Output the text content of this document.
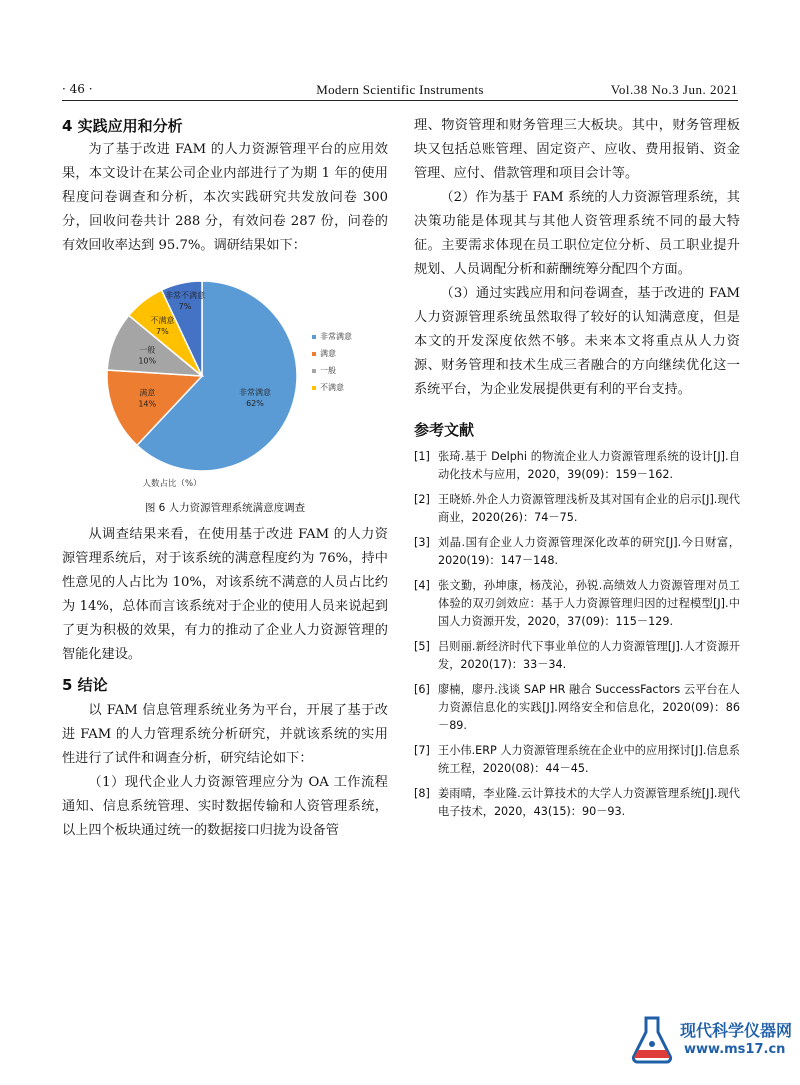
· 46 ·	Modern Scientific Instruments	Vol.38 No.3 Jun. 2021
4 实践应用和分析

为了基于改进 FAM 的人力资源管理平台的应用效果，本文设计在某公司企业内部进行了为期 1 年的使用程度问卷调查和分析，本次实践研究共发放问卷 300 分，回收问卷共计 288 分，有效问卷 287 份，问卷的有效回收率达到 95.7%。调研结果如下：

非常满意
62%
满意
14%
一般
10%
不满意
7%
非常不满意
7%
非常满意
满意
一般
不满意
人数占比（%）
图 6 人力资源管理系统满意度调查

从调查结果来看，在使用基于改进 FAM 的人力资源管理系统后，对于该系统的满意程度约为 76%，持中性意见的人占比为 10%，对该系统不满意的人员占比约为 14%，总体而言该系统对于企业的使用人员来说起到了更为积极的效果，有力的推动了企业人力资源管理的智能化建设。

5 结论

以 FAM 信息管理系统业务为平台，开展了基于改进 FAM 的人力管理系统分析研究，并就该系统的实用性进行了试件和调查分析，研究结论如下：

（1）现代企业人力资源管理应分为 OA 工作流程通知、信息系统管理、实时数据传输和人资管理系统，以上四个板块通过统一的数据接口归拢为设备管

理、物资管理和财务管理三大板块。其中，财务管理板块又包括总账管理、固定资产、应收、费用报销、资金管理、应付、借款管理和项目会计等。

（2）作为基于 FAM 系统的人力资源管理系统，其决策功能是体现其与其他人资管理系统不同的最大特征。主要需求体现在员工职位定位分析、员工职业提升规划、人员调配分析和薪酬统筹分配四个方面。

（3）通过实践应用和问卷调查，基于改进的 FAM 人力资源管理系统虽然取得了较好的认知满意度，但是本文的开发深度依然不够。未来本文将重点从人力资源、财务管理和技术生成三者融合的方向继续优化这一系统平台，为企业发展提供更有利的平台支持。

参考文献
[1] 张琦.基于 Delphi 的物流企业人力资源管理系统的设计[J].自动化技术与应用，2020，39(09)：159－162.
[2] 王晓娇.外企人力资源管理浅析及其对国有企业的启示[J].现代商业，2020(26)：74－75.
[3] 刘晶.国有企业人力资源管理深化改革的研究[J].今日财富，2020(19)：147－148.
[4] 张文勤，孙坤康，杨茂沁，孙锐.高绩效人力资源管理对员工体验的双刃剑效应：基于人力资源管理归因的过程模型[J].中国人力资源开发，2020，37(09)：115－129.
[5] 吕则丽.新经济时代下事业单位的人力资源管理[J].人才资源开发，2020(17)：33－34.
[6] 廖楠，廖丹.浅谈 SAP HR 融合 SuccessFactors 云平台在人力资源信息化的实践[J].网络安全和信息化，2020(09)：86－89.
[7] 王小伟.ERP 人力资源管理系统在企业中的应用探讨[J].信息系统工程，2020(08)：44－45.
[8] 姜雨晴，李业隆.云计算技术的大学人力资源管理系统[J].现代电子技术，2020，43(15)：90－93.
现代科学仪器网
www.ms17.cn
